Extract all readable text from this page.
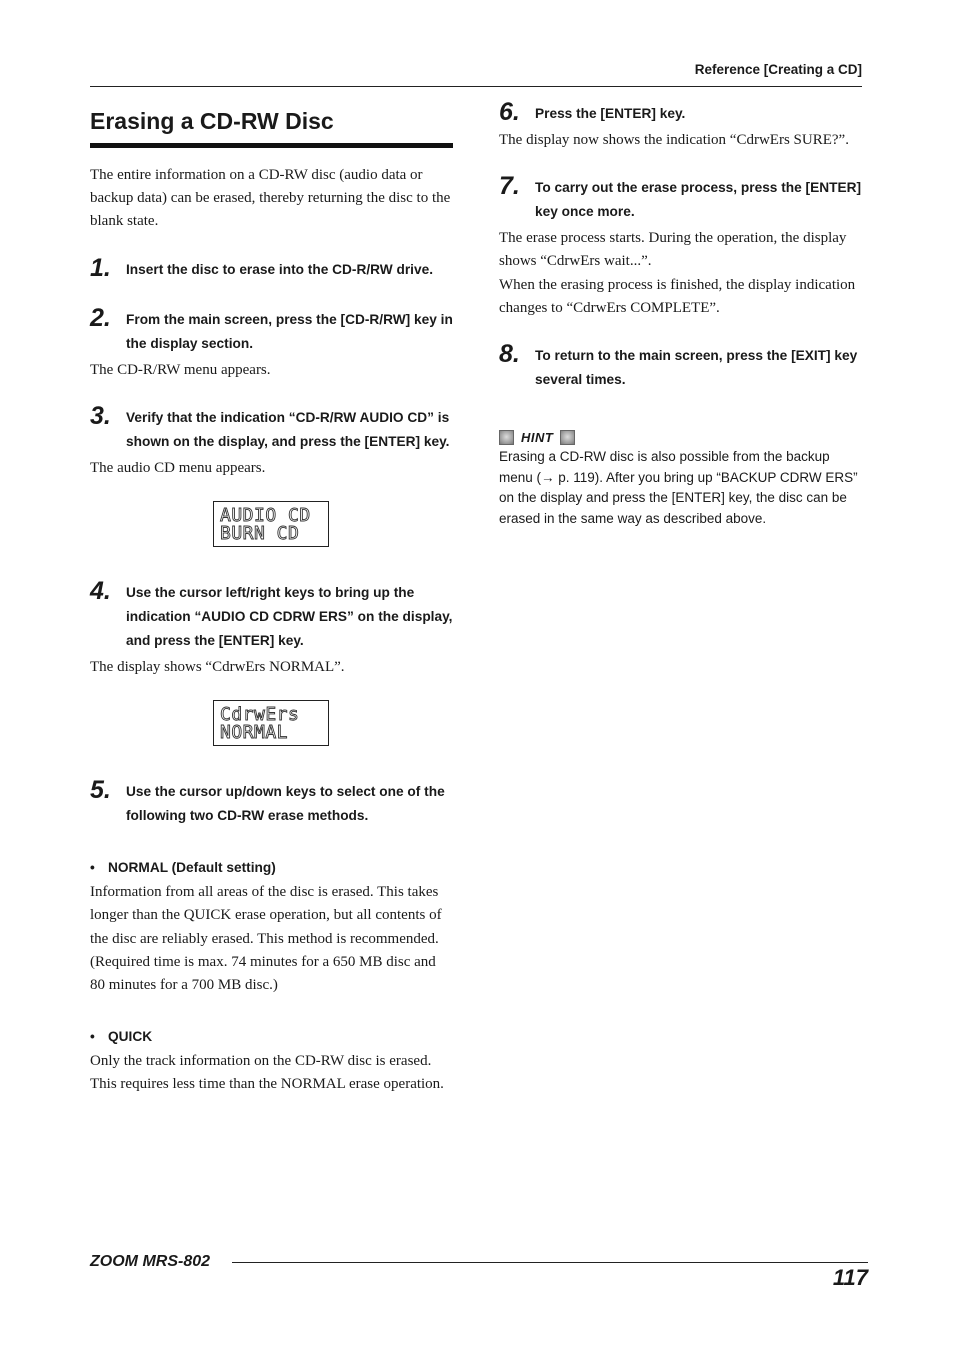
Reference [Creating a CD]
Erasing a CD-RW Disc

The entire information on a CD-RW disc (audio data or backup data) can be erased, thereby returning the disc to the blank state.

1.	Insert the disc to erase into the CD-R/RW drive.
2.	From the main screen, press the [CD-R/RW] key in the display section.

The CD-R/RW menu appears.

3.	Verify that the indication “CD-R/RW AUDIO CD” is shown on the display, and press the [ENTER] key.

The audio CD menu appears.

AUDIO CD
BURN CD
4.	Use the cursor left/right keys to bring up the indication “AUDIO CD CDRW ERS” on the display, and press the [ENTER] key.

The display shows “CdrwErs NORMAL”.

CdrwErs
NORMAL
5.	Use the cursor up/down keys to select one of the following two CD-RW erase methods.
• NORMAL (Default setting)

Information from all areas of the disc is erased. This takes longer than the QUICK erase operation, but all contents of the disc are reliably erased. This method is recommended. (Required time is max. 74 minutes for a 650 MB disc and 80 minutes for a 700 MB disc.)

• QUICK

Only the track information on the CD-RW disc is erased. This requires less time than the NORMAL erase operation.

6.	Press the [ENTER] key.

The display now shows the indication “CdrwErs SURE?”.

7.	To carry out the erase process, press the [ENTER] key once more.

The erase process starts. During the operation, the display shows “CdrwErs wait...”.

When the erasing process is finished, the display indication changes to “CdrwErs COMPLETE”.

8.	To return to the main screen, press the [EXIT] key several times.
HINT

Erasing a CD-RW disc is also possible from the backup menu (→ p. 119). After you bring up “BACKUP CDRW ERS” on the display and press the [ENTER] key, the disc can be erased in the same way as described above.

ZOOM MRS-802
117
